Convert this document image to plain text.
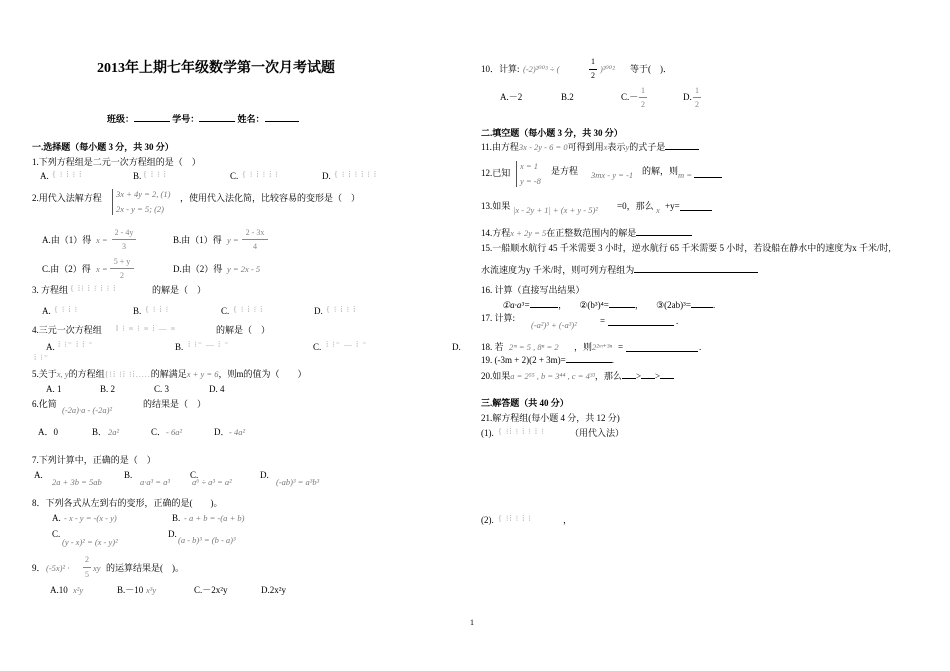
2013年上期七年级数学第一次月考试题
班级：	学号：	姓名：
一.选择题（每小题 3 分，共 30 分）
1.下列方程组是二元一次方程组的是（　）
A. { ⁝ ⁞ ⁝ ⁞	B. { ⁞ ⁝ ⁞	C. { ⁝ ⁞ ⁝ ⁞ ⁝	D. { ⁝ ⁞ ⁝ ⁞ ⁝ ⁞
2.用代入法解方程 3x + 4y = 2, (1)
2x - y = 5; (2)
，使用代入法化简，比较容易的变形是（　）
A.由（1）得 x =
2 - 4y
3
B.由（1）得 y =
2 - 3x
4
C.由（2）得 x =
5 + y
2
D.由（2）得 y = 2x - 5
3. 方程组 { ⁞⁝ ⁞ ⁝ ⁞ ⁝ ⁞	的解是（　）
A. { ⁝ ⁞ ⁝	B. { ⁝ ⁞ ⁝	C. { ⁝ ⁞ ⁝ ⁞	D. { ⁝ ⁞ ⁝ ⁞
4.三元一次方程组 ‖ ⁝ ≡ ⁝ ≡ ⁞ — ≡	的解是（　）
A. ⁞ ⁝⁼ ⁞ ⁞ ⁼	B. ⁞ ⁝⁼ — ⁞ ⁼	C. ⁞ ⁝⁼ — ⁞ ⁼	D.
⁞ ⁝⁼
5.关于x, y的方程组{⁝⁞ ⁝⁞ ⁝⁞.....的解满足x + y = 6，则m的值为（　　）
A. 1	B. 2	C. 3	D. 4
6.化简
(-2a)·a - (-2a)²
的结果是（　）
A．0	B． 2a²	C． - 6a²	D． - 4a²
7.下列计算中，正确的是（　）
A.
2a + 3b = 5ab
B.
a·a³ = a³
C.
a⁶ ÷ a³ = a²
D.
(-ab)³ = a³b³
8．下列各式从左到右的变形，正确的是(　　)。
A. - x - y = -(x - y)	B. - a + b = -(a + b)
C.
(y - x)² = (x - y)²
D.
(a - b)³ = (b - a)³
9． (-5x)² ·
2
5
xy 的运算结果是(　)。
A.10 x²y	B.－10 x³y	C.－2x²y	D.2x²y
10．计算: (-2)²⁰⁰³ ÷ (
1
2
)²⁰⁰² 等于(　)．
A.－2	B.2	C.－
1
2
D.
1
2
二.填空题（每小题 3 分，共 30 分）
11.由方程3x - 2y - 6 = 0可得到用x表示y的式子是
12.已知
x = 1
y = -8
是方程 3mx - y = -1 的解，则 m =
13.如果 |x - 2y + 1| + (x + y - 5)² =0，那么 x +y=
14.方程x + 2y = 5在正整数范围内的解是
15.一船顺水航行 45 千米需要 3 小时，逆水航行 65 千米需要 5 小时，若设船在静水中的速度为x 千米/时,
水流速度为y 千米/时，则可列方程组为
16. 计算（直接写出结果）
①a·a³=	， ②(b³)⁴=	， ③(2ab)³= .
17. 计算:
(-a²)³ + (-a³)²	=	.
18. 若 2ᵐ = 5 , 8ⁿ = 2 ，则 2²ᵐ⁺³ⁿ =	.
19. (-3m + 2)(2 + 3m)=	.
20.如果a = 2⁵⁵ , b = 3⁴⁴ , c = 4³³，那么 > >
三.解答题（共 40 分）
21.解方程组(每小题 4 分，共 12 分)
(1). { ⁝⁞ ⁝ ⁞ ⁝ ⁞ ⁝	（用代入法）
(2). { ⁝⁞ ⁝ ⁞ ⁝	，
1
